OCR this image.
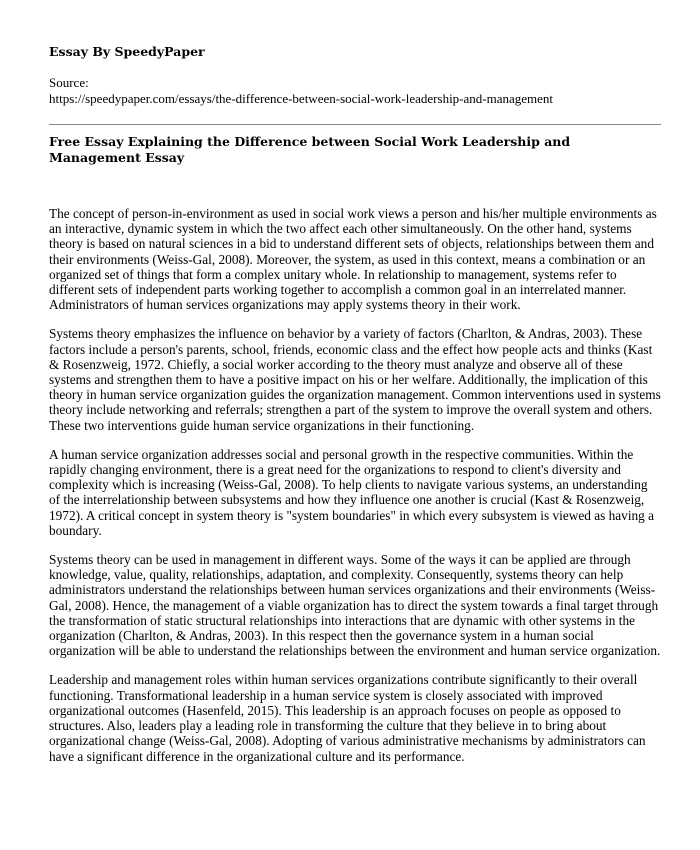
Essay By SpeedyPaper
Source:
https://speedypaper.com/essays/the-difference-between-social-work-leadership-and-management
Free Essay Explaining the Difference between Social Work Leadership and Management Essay

The concept of person-in-environment as used in social work views a person and his/her multiple environments as an interactive, dynamic system in which the two affect each other simultaneously. On the other hand, systems theory is based on natural sciences in a bid to understand different sets of objects, relationships between them and their environments (Weiss-Gal, 2008). Moreover, the system, as used in this context, means a combination or an organized set of things that form a complex unitary whole. In relationship to management, systems refer to different sets of independent parts working together to accomplish a common goal in an interrelated manner. Administrators of human services organizations may apply systems theory in their work.

Systems theory emphasizes the influence on behavior by a variety of factors (Charlton, & Andras, 2003). These factors include a person's parents, school, friends, economic class and the effect how people acts and thinks (Kast & Rosenzweig, 1972. Chiefly, a social worker according to the theory must analyze and observe all of these systems and strengthen them to have a positive impact on his or her welfare. Additionally, the implication of this theory in human service organization guides the organization management. Common interventions used in systems theory include networking and referrals; strengthen a part of the system to improve the overall system and others. These two interventions guide human service organizations in their functioning.

A human service organization addresses social and personal growth in the respective communities. Within the rapidly changing environment, there is a great need for the organizations to respond to client's diversity and complexity which is increasing (Weiss-Gal, 2008). To help clients to navigate various systems, an understanding of the interrelationship between subsystems and how they influence one another is crucial (Kast & Rosenzweig, 1972). A critical concept in system theory is "system boundaries" in which every subsystem is viewed as having a boundary.

Systems theory can be used in management in different ways. Some of the ways it can be applied are through knowledge, value, quality, relationships, adaptation, and complexity. Consequently, systems theory can help administrators understand the relationships between human services organizations and their environments (Weiss-Gal, 2008). Hence, the management of a viable organization has to direct the system towards a final target through the transformation of static structural relationships into interactions that are dynamic with other systems in the organization (Charlton, & Andras, 2003). In this respect then the governance system in a human social organization will be able to understand the relationships between the environment and human service organization.

Leadership and management roles within human services organizations contribute significantly to their overall functioning. Transformational leadership in a human service system is closely associated with improved organizational outcomes (Hasenfeld, 2015). This leadership is an approach focuses on people as opposed to structures. Also, leaders play a leading role in transforming the culture that they believe in to bring about organizational change (Weiss-Gal, 2008). Adopting of various administrative mechanisms by administrators can have a significant difference in the organizational culture and its performance.
